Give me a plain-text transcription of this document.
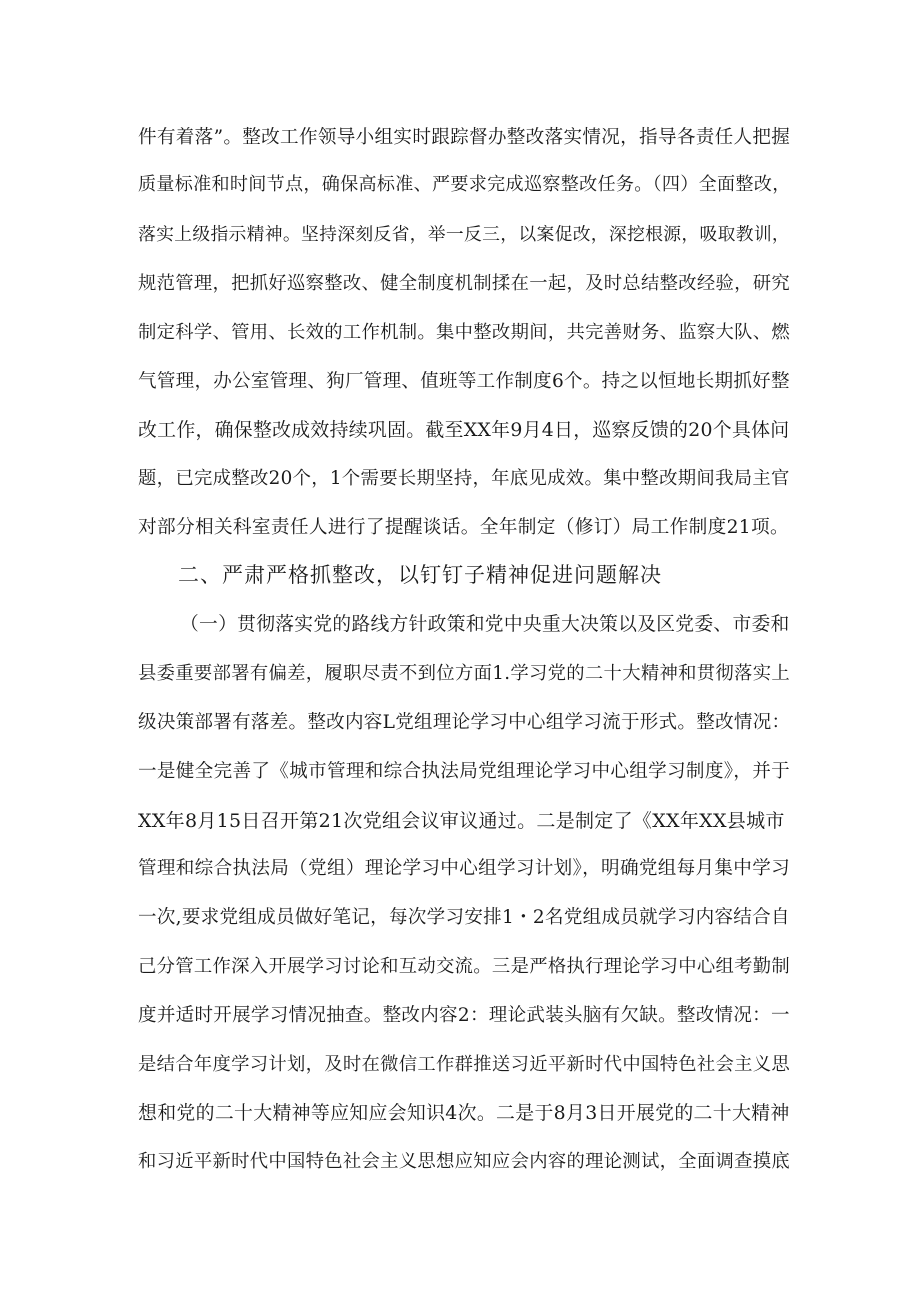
件有着落”。整改工作领导小组实时跟踪督办整改落实情况，指导各责任人把握
质量标准和时间节点，确保高标准、严要求完成巡察整改任务。（四）全面整改，
落实上级指示精神。坚持深刻反省，举一反三，以案促改，深挖根源，吸取教训，
规范管理，把抓好巡察整改、健全制度机制揉在一起，及时总结整改经验，研究
制定科学、管用、长效的工作机制。集中整改期间，共完善财务、监察大队、燃
气管理，办公室管理、狗厂管理、值班等工作制度6个。持之以恒地长期抓好整
改工作，确保整改成效持续巩固。截至XX年9月4日，巡察反馈的20个具体问
题，已完成整改20个，1个需要长期坚持，年底见成效。集中整改期间我局主官
对部分相关科室责任人进行了提醒谈话。全年制定（修订）局工作制度21项。
二、严肃严格抓整改，以钉钉子精神促进问题解决
（一）贯彻落实党的路线方针政策和党中央重大决策以及区党委、市委和
县委重要部署有偏差，履职尽责不到位方面1.学习党的二十大精神和贯彻落实上
级决策部署有落差。整改内容L党组理论学习中心组学习流于形式。整改情况：
一是健全完善了《城市管理和综合执法局党组理论学习中心组学习制度》，并于
XX年8月15日召开第21次党组会议审议通过。二是制定了《XX年XX县城市
管理和综合执法局（党组）理论学习中心组学习计划》，明确党组每月集中学习
一次,要求党组成员做好笔记，每次学习安排1・2名党组成员就学习内容结合自
己分管工作深入开展学习讨论和互动交流。三是严格执行理论学习中心组考勤制
度并适时开展学习情况抽查。整改内容2：理论武装头脑有欠缺。整改情况：一
是结合年度学习计划，及时在微信工作群推送习近平新时代中国特色社会主义思
想和党的二十大精神等应知应会知识4次。二是于8月3日开展党的二十大精神
和习近平新时代中国特色社会主义思想应知应会内容的理论测试，全面调查摸底
